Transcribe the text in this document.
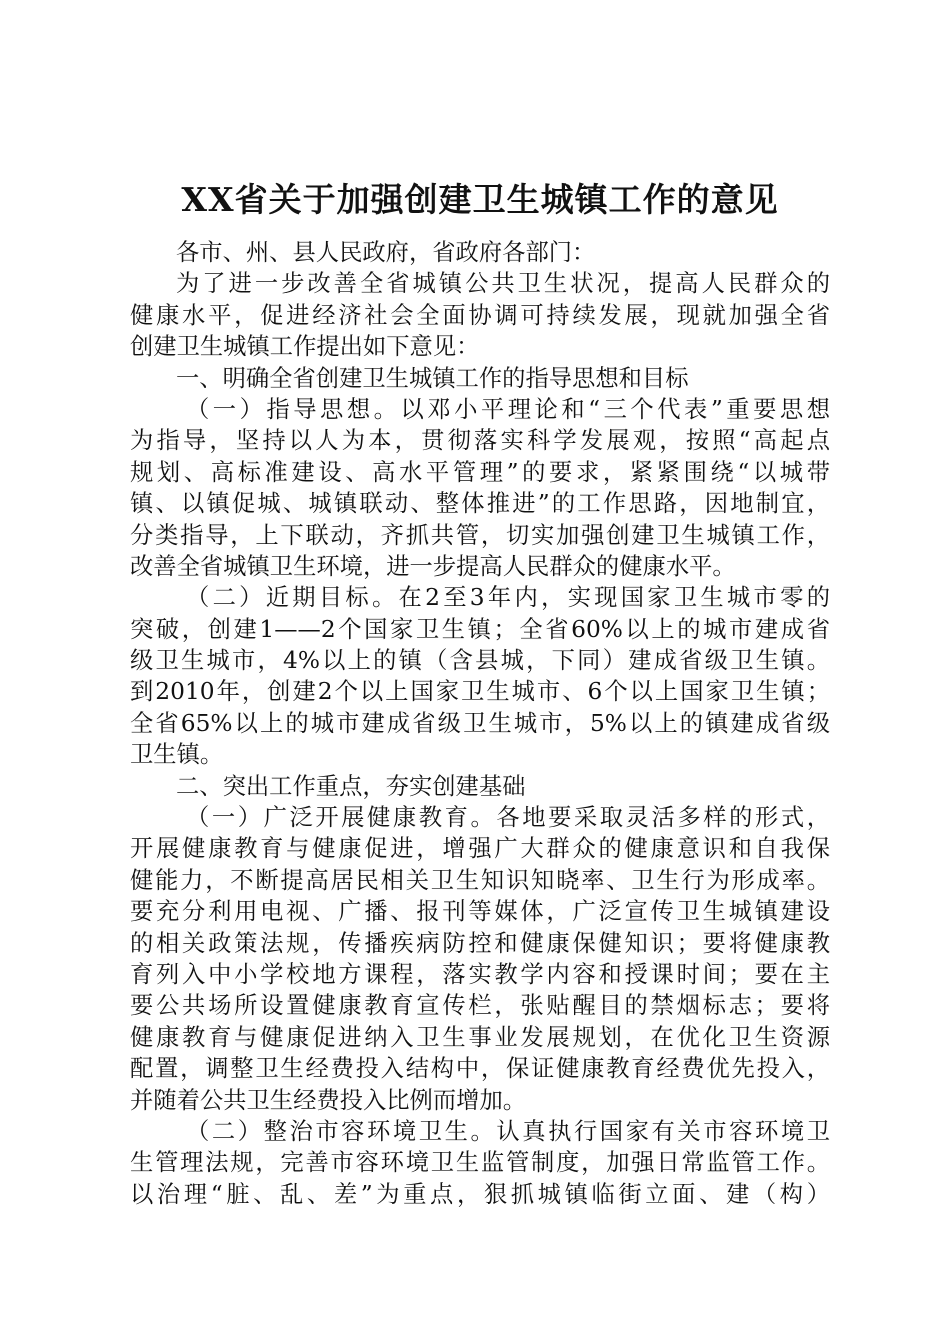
XX省关于加强创建卫生城镇工作的意见
各市、州、县人民政府，省政府各部门：
为了进一步改善全省城镇公共卫生状况，提高人民群众的
健康水平，促进经济社会全面协调可持续发展，现就加强全省
创建卫生城镇工作提出如下意见：
一、明确全省创建卫生城镇工作的指导思想和目标
（一）指导思想。以邓小平理论和“三个代表”重要思想
为指导，坚持以人为本，贯彻落实科学发展观，按照“高起点
规划、高标准建设、高水平管理”的要求，紧紧围绕“以城带
镇、以镇促城、城镇联动、整体推进”的工作思路，因地制宜，
分类指导，上下联动，齐抓共管，切实加强创建卫生城镇工作，
改善全省城镇卫生环境，进一步提高人民群众的健康水平。
（二）近期目标。在2至3年内，实现国家卫生城市零的
突破，创建1——2个国家卫生镇；全省60%以上的城市建成省
级卫生城市，4%以上的镇（含县城，下同）建成省级卫生镇。
到2010年，创建2个以上国家卫生城市、6个以上国家卫生镇；
全省65%以上的城市建成省级卫生城市，5%以上的镇建成省级
卫生镇。
二、突出工作重点，夯实创建基础
（一）广泛开展健康教育。各地要采取灵活多样的形式，
开展健康教育与健康促进，增强广大群众的健康意识和自我保
健能力，不断提高居民相关卫生知识知晓率、卫生行为形成率。
要充分利用电视、广播、报刊等媒体，广泛宣传卫生城镇建设
的相关政策法规，传播疾病防控和健康保健知识；要将健康教
育列入中小学校地方课程，落实教学内容和授课时间；要在主
要公共场所设置健康教育宣传栏，张贴醒目的禁烟标志；要将
健康教育与健康促进纳入卫生事业发展规划，在优化卫生资源
配置，调整卫生经费投入结构中，保证健康教育经费优先投入，
并随着公共卫生经费投入比例而增加。
（二）整治市容环境卫生。认真执行国家有关市容环境卫
生管理法规，完善市容环境卫生监管制度，加强日常监管工作。
以治理“脏、乱、差”为重点，狠抓城镇临街立面、建（构）
